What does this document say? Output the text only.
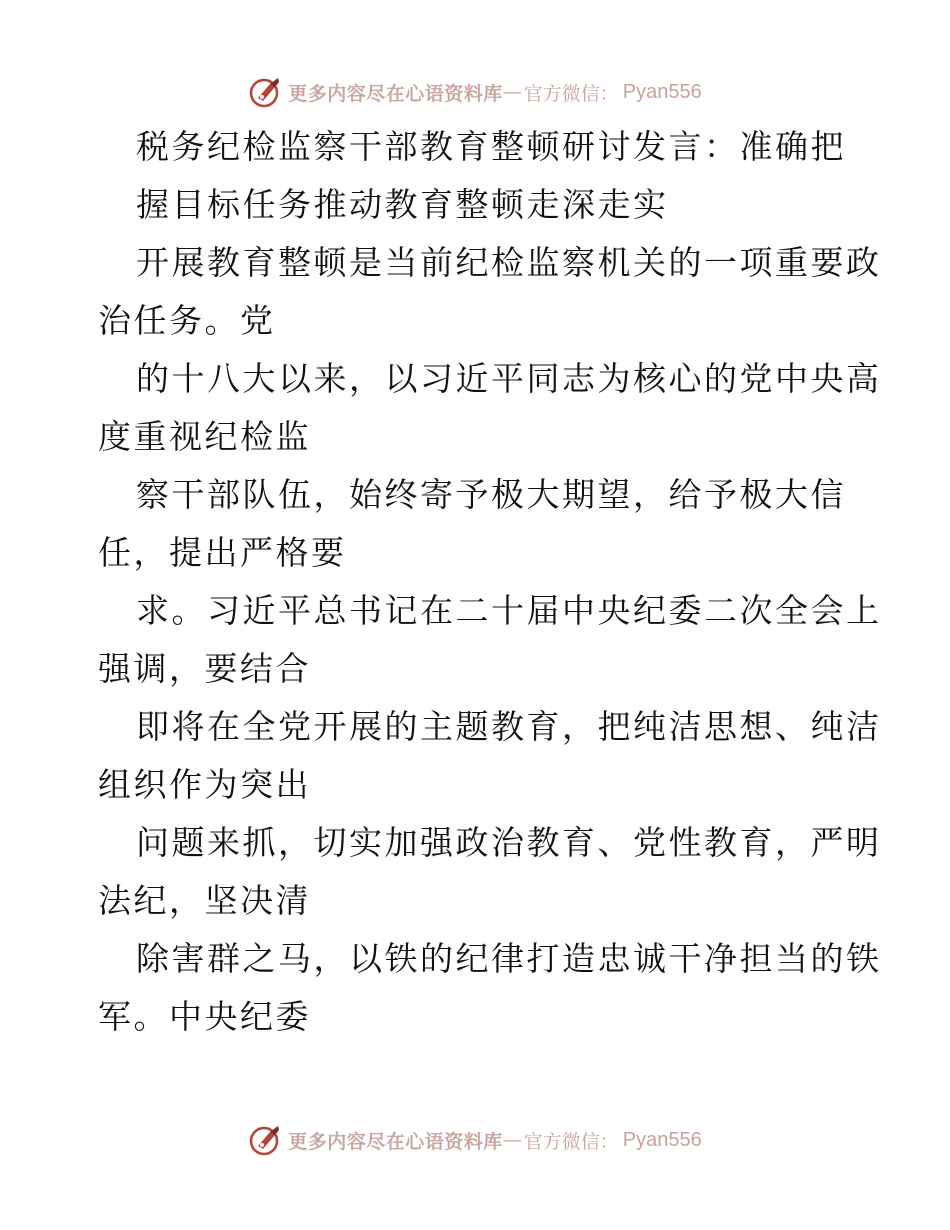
更多内容尽在心语资料库 — 官方微信： Pyan556
税务纪检监察干部教育整顿研讨发言：准确把
握目标任务推动教育整顿走深走实
开展教育整顿是当前纪检监察机关的一项重要政
治任务。党
的十八大以来，以习近平同志为核心的党中央高
度重视纪检监
察干部队伍，始终寄予极大期望，给予极大信
任，提出严格要
求。习近平总书记在二十届中央纪委二次全会上
强调，要结合
即将在全党开展的主题教育，把纯洁思想、纯洁
组织作为突出
问题来抓，切实加强政治教育、党性教育，严明
法纪，坚决清
除害群之马，以铁的纪律打造忠诚干净担当的铁
军。中央纪委
更多内容尽在心语资料库 — 官方微信： Pyan556
